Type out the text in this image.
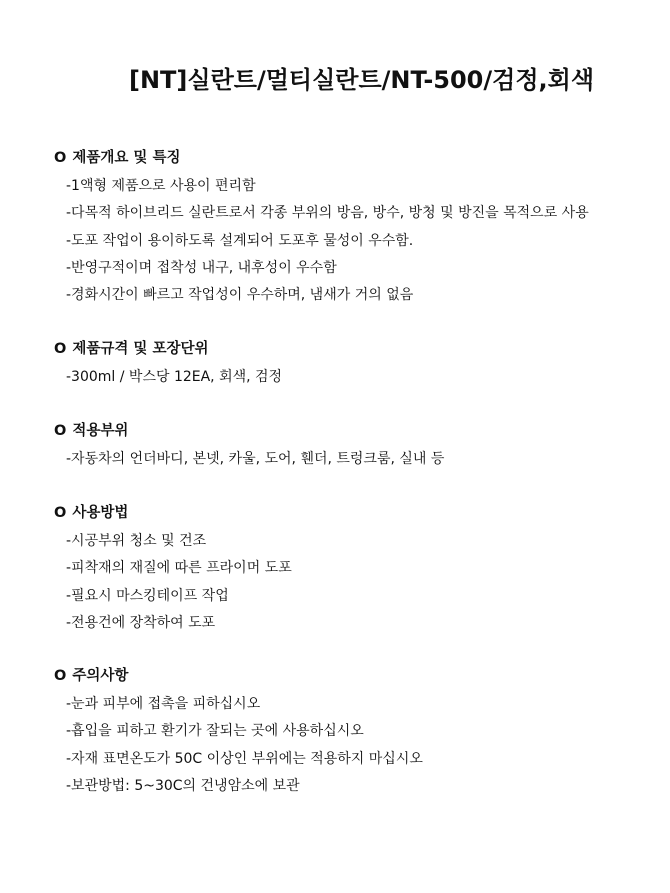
[NT]실란트/멀티실란트/NT-500/검정,회색
O 제품개요 및 특징
-1액형 제품으로 사용이 편리함
-다목적 하이브리드 실란트로서 각종 부위의 방음, 방수, 방청 및 방진을 목적으로 사용
-도포 작업이 용이하도록 설계되어 도포후 물성이 우수함.
-반영구적이며 접착성 내구, 내후성이 우수함
-경화시간이 빠르고 작업성이 우수하며, 냄새가 거의 없음
O 제품규격 및 포장단위
-300ml / 박스당 12EA, 회색, 검정
O 적용부위
-자동차의 언더바디, 본넷, 카울, 도어, 휀더, 트렁크룸, 실내 등
O 사용방법
-시공부위 청소 및 건조
-피착재의 재질에 따른 프라이머 도포
-필요시 마스킹테이프 작업
-전용건에 장착하여 도포
O 주의사항
-눈과 피부에 접촉을 피하십시오
-흡입을 피하고 환기가 잘되는 곳에 사용하십시오
-자재 표면온도가 50C 이상인 부위에는 적용하지 마십시오
-보관방법: 5~30C의 건냉암소에 보관
